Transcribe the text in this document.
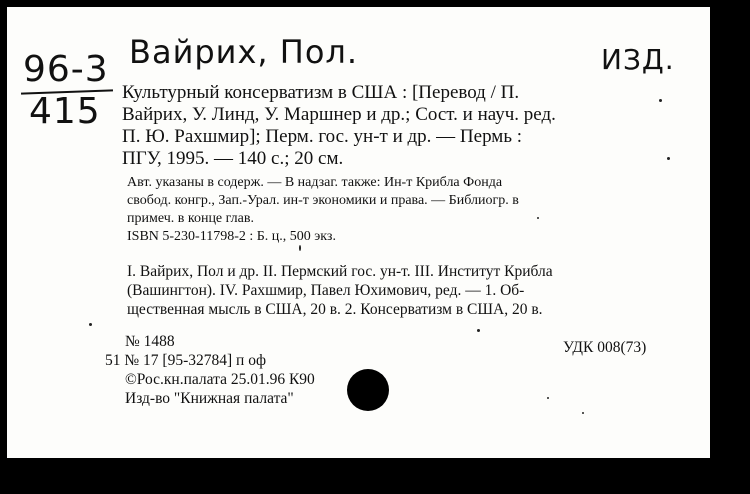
96-3
415
Вайрих, Пол.	ИЗД.

Культурный консерватизм в США : [Перевод / П.
Вайрих, У. Линд, У. Маршнер и др.; Сост. и науч. ред.
П. Ю. Рахшмир]; Перм. гос. ун-т и др. — Пермь :
ПГУ, 1995. — 140 с.; 20 см.

Авт. указаны в содерж. — В надзаг. также: Ин-т Крибла Фонда
свобод. конгр., Зап.-Урал. ин-т экономики и права. — Библиогр. в
примеч. в конце глав.

ISBN 5-230-11798-2 : Б. ц., 500 экз.

I. Вайрих, Пол и др. II. Пермский гос. ун-т. III. Институт Крибла
(Вашингтон). IV. Рахшмир, Павел Юхимович, ред. — 1. Об-
щественная мысль в США, 20 в. 2. Консерватизм в США, 20 в.

№ 1488
51 № 17 [95-32784] п оф
©Рос.кн.палата 25.01.96 К90
Изд-во "Книжная палата"
УДК 008(73)
